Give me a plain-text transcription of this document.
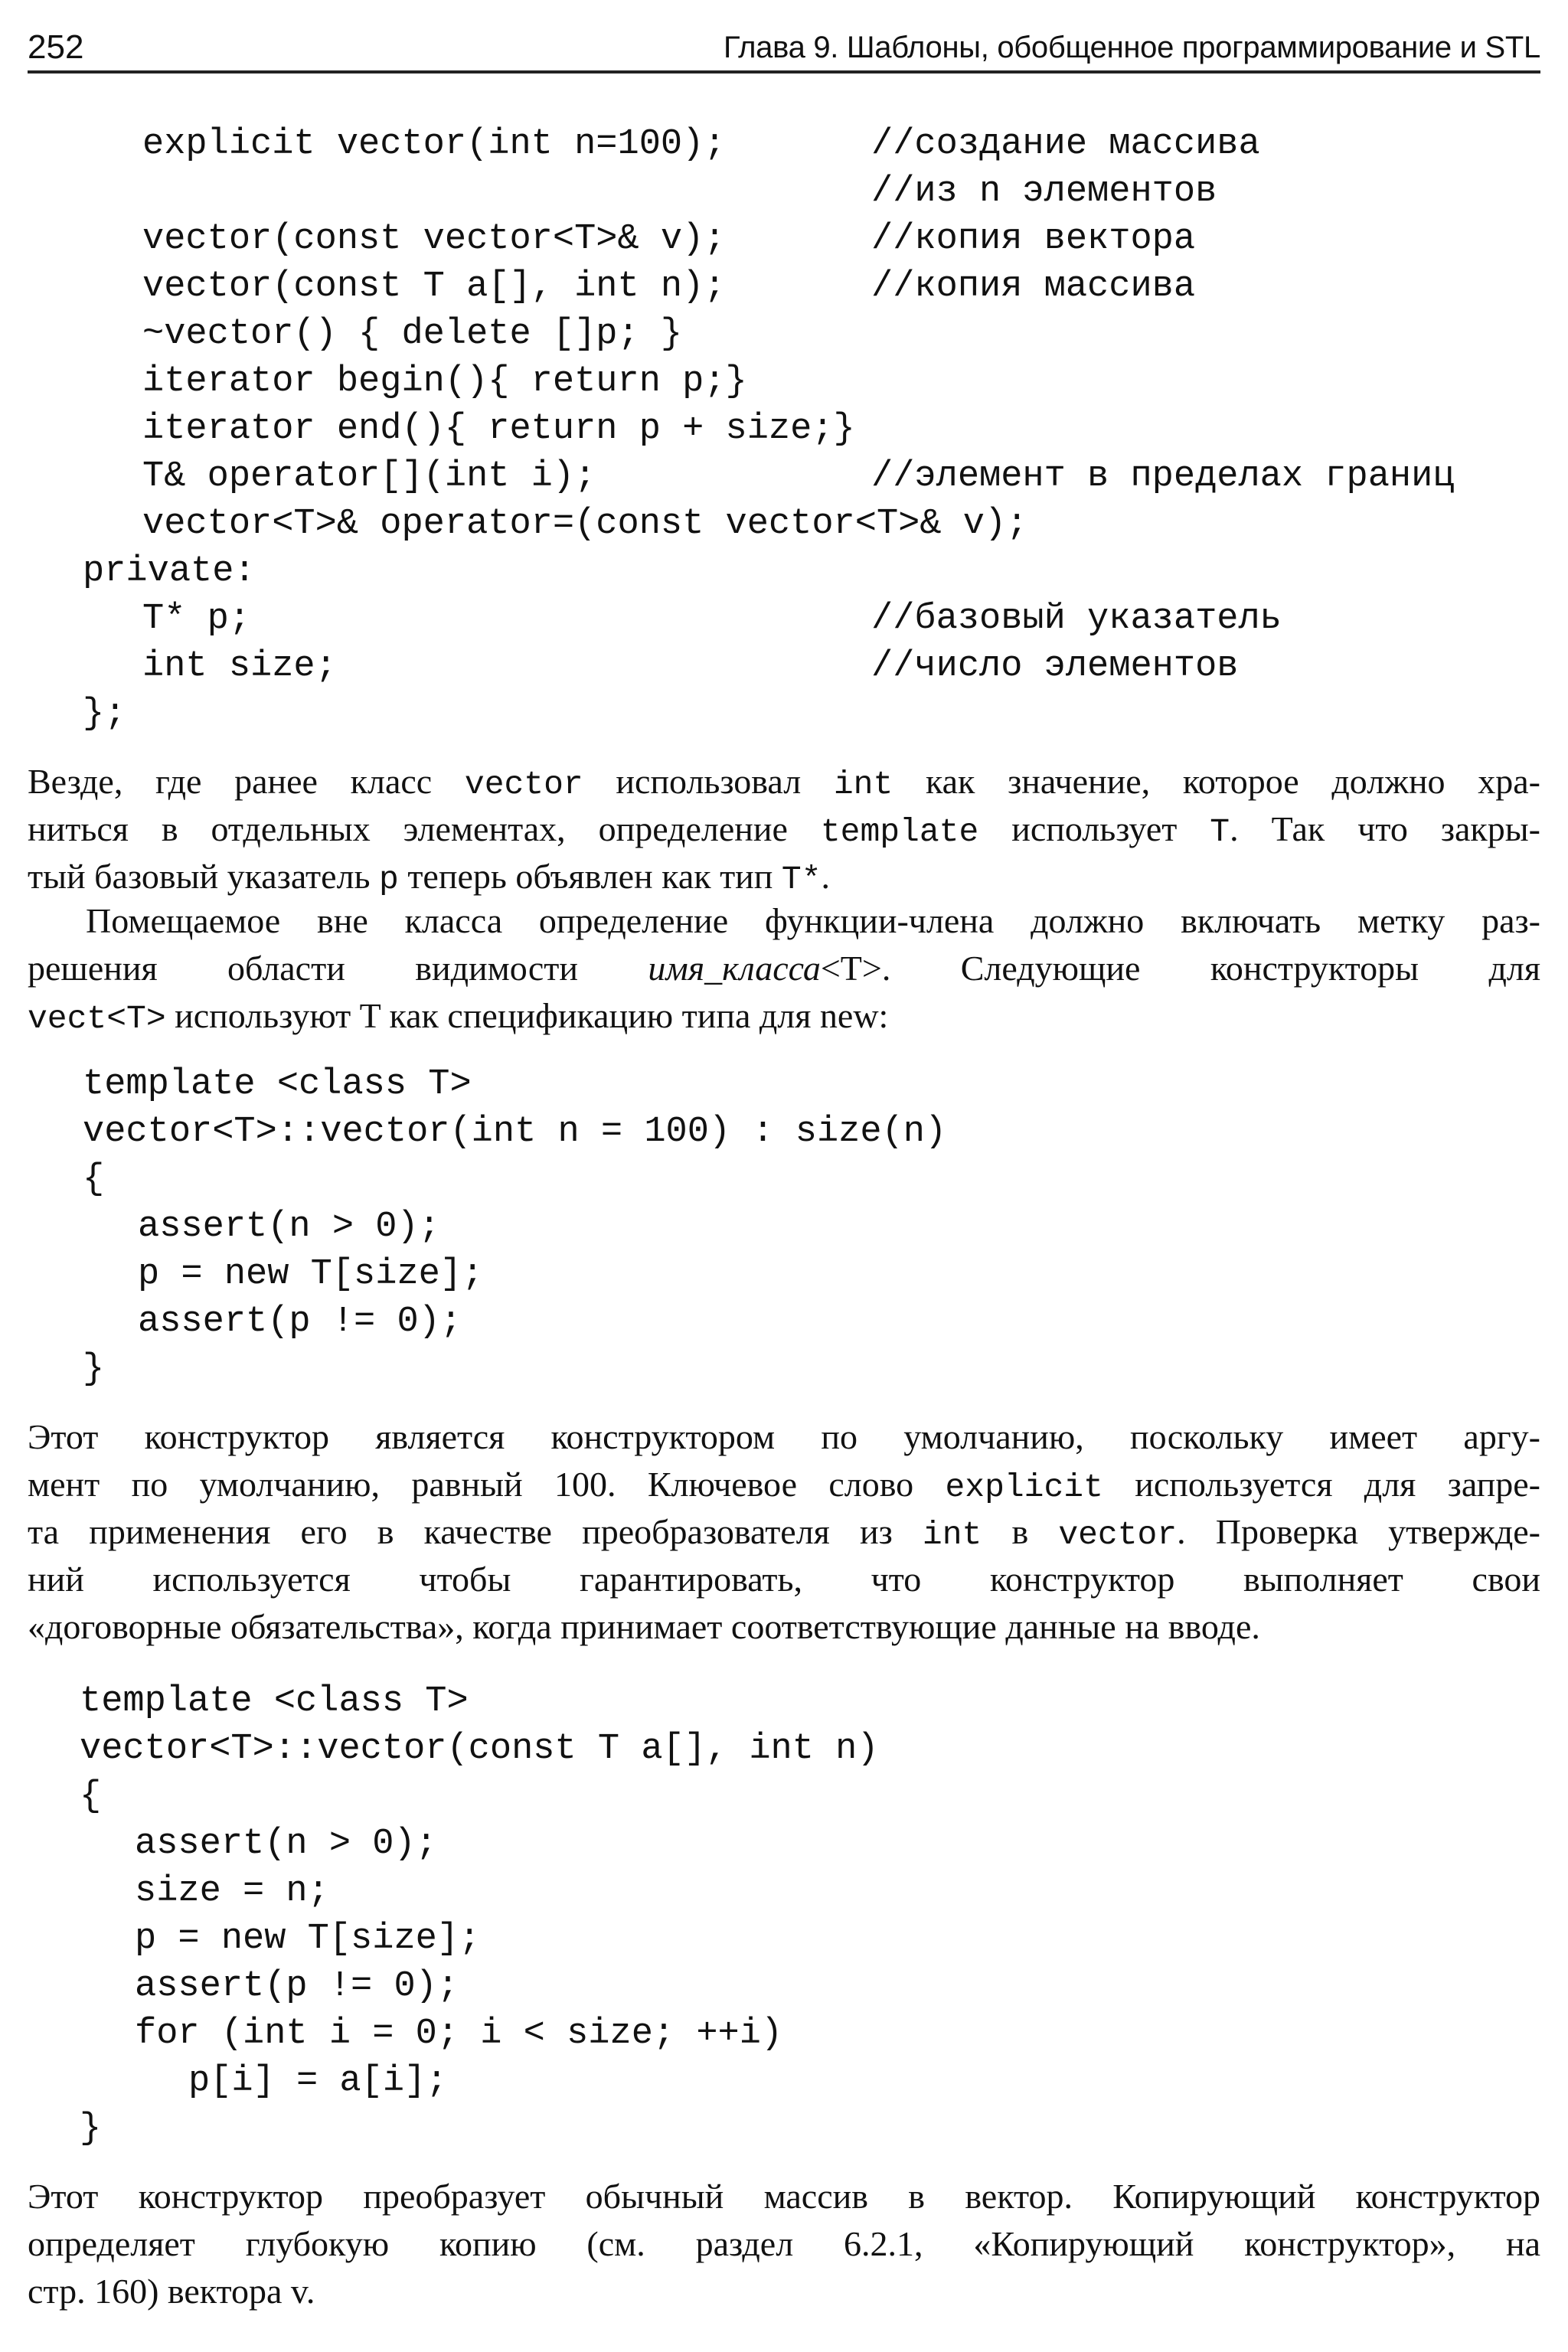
252	Глава 9. Шаблоны, обобщенное программирование и STL
explicit vector(int n=100);	//создание массива
//из n элементов
vector(const vector<T>& v);	//копия вектора
vector(const T a[], int n);	//копия массива
~vector() { delete []p; }
iterator begin(){ return p;}
iterator end(){ return p + size;}
T& operator[](int i);	//элемент в пределах границ
vector<T>& operator=(const vector<T>& v);
private:
T* p;	//базовый указатель
int size;	//число элементов
};
Везде, где ранее класс vector использовал int как значение, которое должно хра-
ниться в отдельных элементах, определение template использует T. Так что закры-
тый базовый указатель p теперь объявлен как тип T*.
Помещаемое вне класса определение функции-члена должно включать метку раз-
решения области видимости имя_класса<T>. Следующие конструкторы для
vect<T> используют T как спецификацию типа для new:
template <class T>
vector<T>::vector(int n = 100) : size(n)
{
assert(n > 0);
p = new T[size];
assert(p != 0);
}
Этот конструктор является конструктором по умолчанию, поскольку имеет аргу-
мент по умолчанию, равный 100. Ключевое слово explicit используется для запре-
та применения его в качестве преобразователя из int в vector. Проверка утвержде-
ний используется чтобы гарантировать, что конструктор выполняет свои
«договорные обязательства», когда принимает соответствующие данные на вводе.
template <class T>
vector<T>::vector(const T a[], int n)
{
assert(n > 0);
size = n;
p = new T[size];
assert(p != 0);
for (int i = 0; i < size; ++i)
p[i] = a[i];
}
Этот конструктор преобразует обычный массив в вектор. Копирующий конструктор
определяет глубокую копию (см. раздел 6.2.1, «Копирующий конструктор», на
стр. 160) вектора v.
